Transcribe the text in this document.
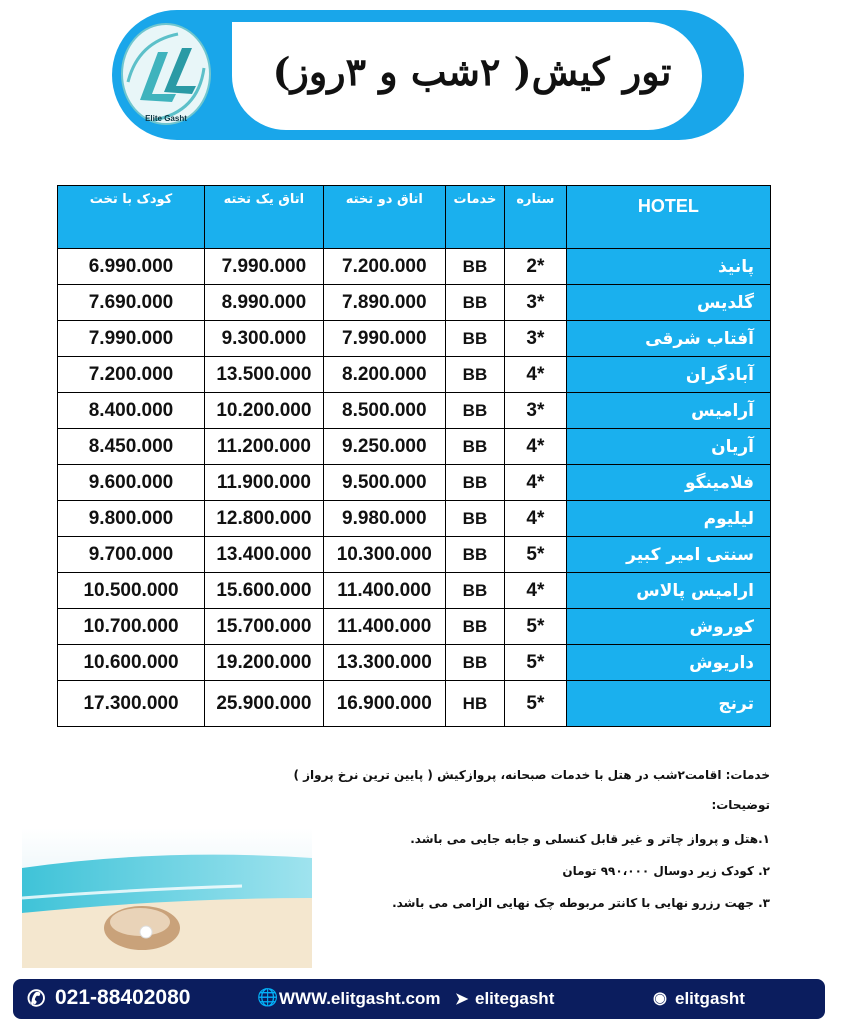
تور کیش( ۲شب و ۳روز)
Elite Gasht
کودک با تخت	اتاق یک تخته	اتاق دو تخته	خدمات	ستاره	HOTEL
6.990.000	7.990.000	7.200.000	BB	2*	پانیذ
7.690.000	8.990.000	7.890.000	BB	3*	گلدیس
7.990.000	9.300.000	7.990.000	BB	3*	آفتاب شرقی
7.200.000	13.500.000	8.200.000	BB	4*	آبادگران
8.400.000	10.200.000	8.500.000	BB	3*	آرامیس
8.450.000	11.200.000	9.250.000	BB	4*	آریان
9.600.000	11.900.000	9.500.000	BB	4*	فلامینگو
9.800.000	12.800.000	9.980.000	BB	4*	لیلیوم
9.700.000	13.400.000	10.300.000	BB	5*	سنتی امیر کبیر
10.500.000	15.600.000	11.400.000	BB	4*	ارامیس پالاس
10.700.000	15.700.000	11.400.000	BB	5*	کوروش
10.600.000	19.200.000	13.300.000	BB	5*	داریوش
17.300.000	25.900.000	16.900.000	HB	5*	ترنج
خدمات: اقامت۲شب در هتل با خدمات صبحانه، پروازکیش ( پایین ترین نرخ پرواز )
توضیحات:
۱.هتل و پرواز چاتر و غیر قابل کنسلی و جابه جایی می باشد.
۲. کودک زیر دوسال ۹۹۰،۰۰۰ تومان
۳. جهت رزرو نهایی با کانتر مربوطه چک نهایی الزامی می باشد.
✆ 021-88402080	🌐 WWW.elitgasht.com ➤ elitegasht	◉ elitgasht
